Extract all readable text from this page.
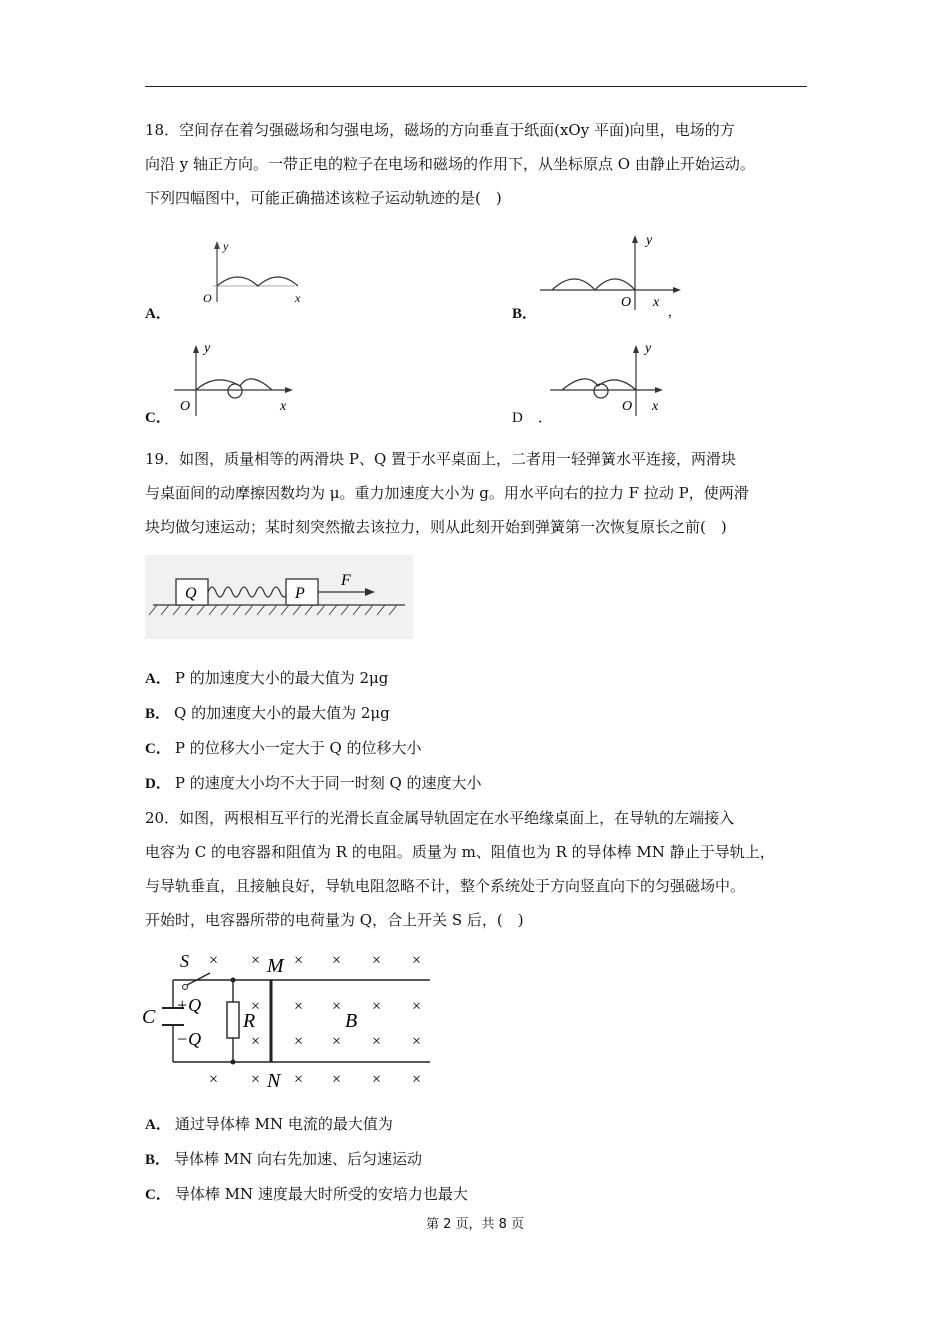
18．空间存在着匀强磁场和匀强电场，磁场的方向垂直于纸面(xOy 平面)向里，电场的方
向沿 y 轴正方向。一带正电的粒子在电场和磁场的作用下，从坐标原点 O 由静止开始运动。
下列四幅图中，可能正确描述该粒子运动轨迹的是(　)
A．
y
O	x
B．
y
O x
,
C．
y
O	x
D　．
y
O x
19．如图，质量相等的两滑块 P、Q 置于水平桌面上，二者用一轻弹簧水平连接，两滑块
与桌面间的动摩擦因数均为 μ。重力加速度大小为 g。用水平向右的拉力 F 拉动 P，使两滑
块均做匀速运动；某时刻突然撤去该拉力，则从此刻开始到弹簧第一次恢复原长之前(　)
Q	P
F
A． P 的加速度大小的最大值为 2μg
B． Q 的加速度大小的最大值为 2μg
C． P 的位移大小一定大于 Q 的位移大小
D． P 的速度大小均不大于同一时刻 Q 的速度大小
20．如图，两根相互平行的光滑长直金属导轨固定在水平绝缘桌面上，在导轨的左端接入
电容为 C 的电容器和阻值为 R 的电阻。质量为 m、阻值也为 R 的导体棒 MN 静止于导轨上，
与导轨垂直，且接触良好，导轨电阻忽略不计，整个系统处于方向竖直向下的匀强磁场中。
开始时，电容器所带的电荷量为 Q，合上开关 S 后，(　)
S
C
+Q
−Q
R
M
N
B
× × × × × ×
× × × × ×
× × × × ×
× × × × × ×
A． 通过导体棒 MN 电流的最大值为
B． 导体棒 MN 向右先加速、后匀速运动
C． 导体棒 MN 速度最大时所受的安培力也最大
第 2 页，共 8 页
